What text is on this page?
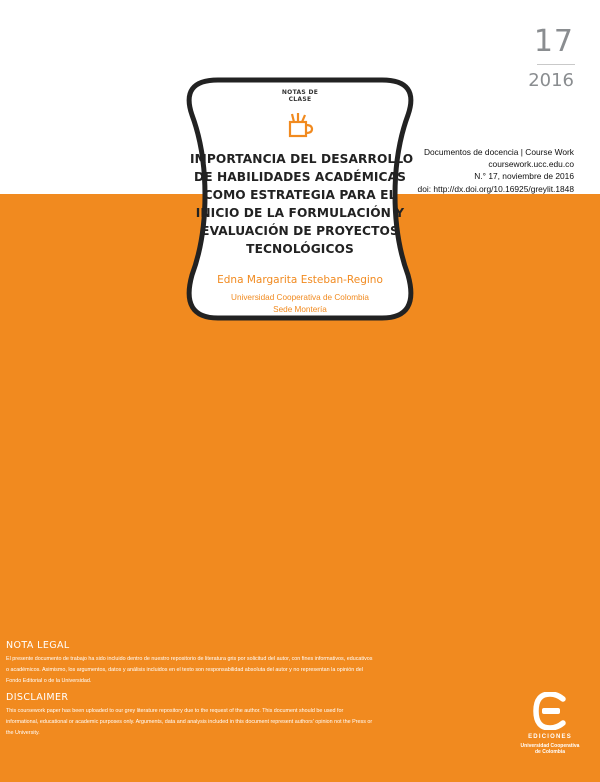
17
2016
Documentos de docencia | Course Work
coursework.ucc.edu.co
N.° 17, noviembre de 2016
doi: http://dx.doi.org/10.16925/greylit.1848
NOTAS DE CLASE
IMPORTANCIA DEL DESARROLLO
DE HABILIDADES ACADÉMICAS
COMO ESTRATEGIA PARA EL
INICIO DE LA FORMULACIÓN Y
EVALUACIÓN DE PROYECTOS
TECNOLÓGICOS
Edna Margarita Esteban-Regino
Universidad Cooperativa de Colombia
Sede Montería
NOTA LEGAL

El presente documento de trabajo ha sido incluido dentro de nuestro repositorio de literatura gris por solicitud del autor, con fines informativos, educativos o académicos. Asimismo, los argumentos, datos y análisis incluidos en el texto son responsabilidad absoluta del autor y no representan la opinión del Fondo Editorial o de la Universidad.

DISCLAIMER

This coursework paper has been uploaded to our grey literature repository due to the request of the author. This document should be used for informational, educational or academic purposes only. Arguments, data and analysis included in this document represent authors' opinion not the Press or the University.

EDICIONES
Universidad Cooperativa
de Colombia
